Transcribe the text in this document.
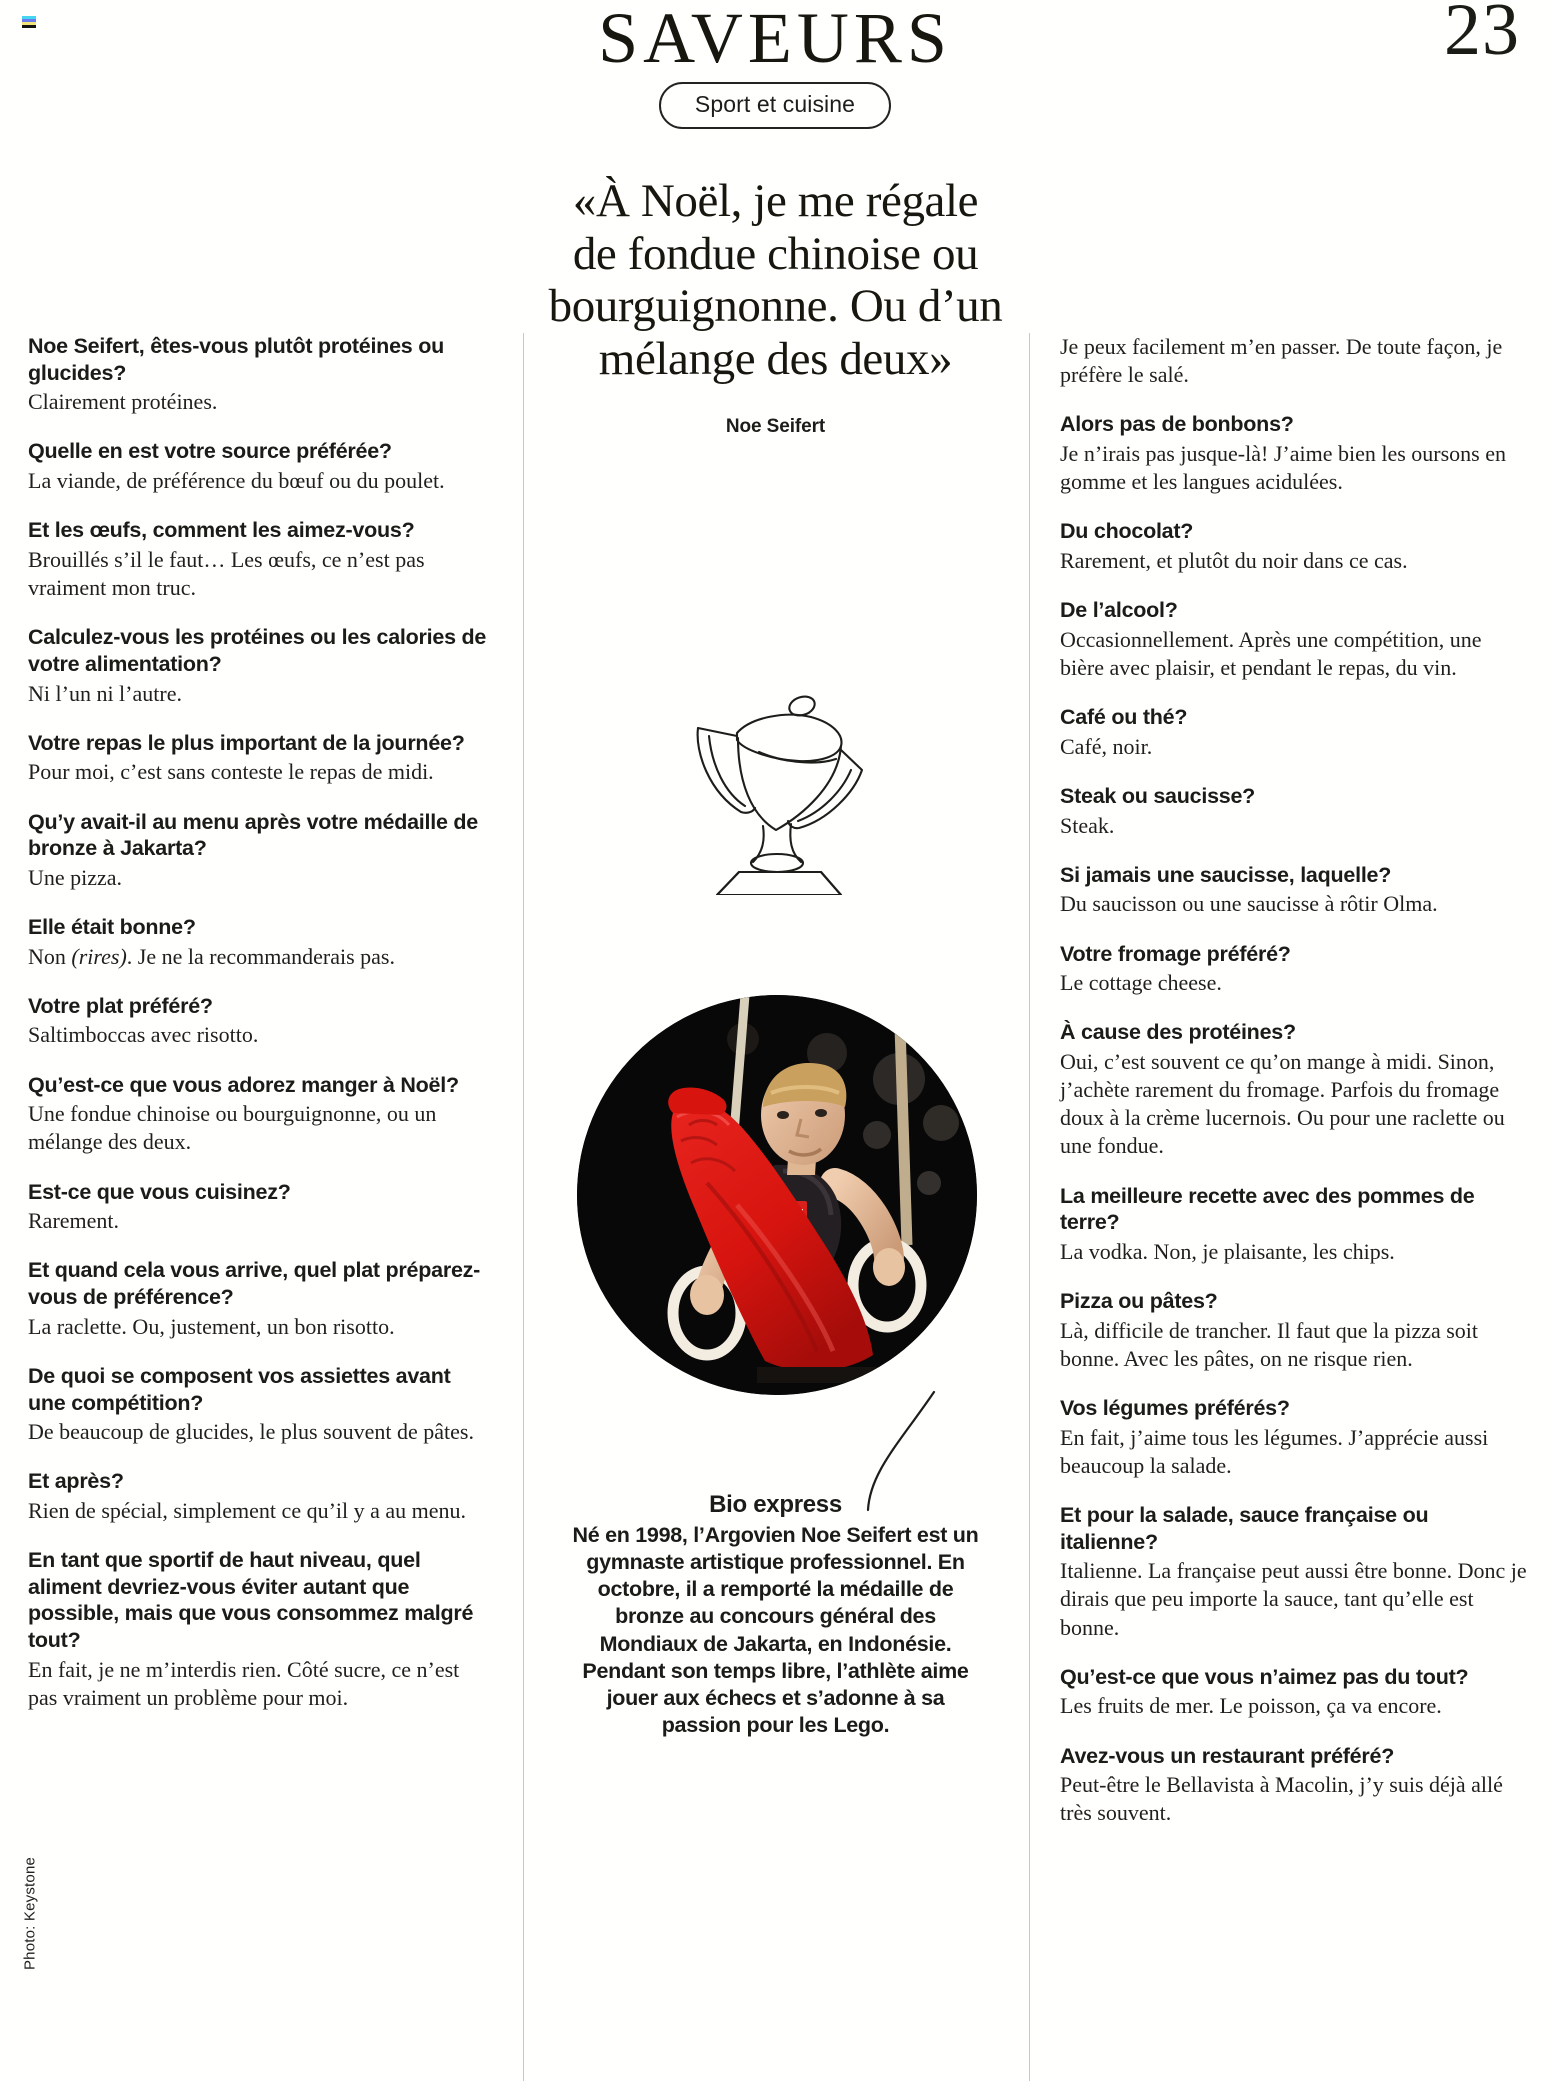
SAVEURS
Sport et cuisine
23

Noe Seifert, êtes-vous plutôt protéines ou glucides?

Clairement protéines.

Quelle en est votre source préférée?

La viande, de préférence du bœuf ou du poulet.

Et les œufs, comment les aimez-vous?

Brouillés s’il le faut… Les œufs, ce n’est pas vraiment mon truc.

Calculez-vous les protéines ou les calories de votre alimentation?

Ni l’un ni l’autre.

Votre repas le plus important de la journée?

Pour moi, c’est sans conteste le repas de midi.

Qu’y avait-il au menu après votre médaille de bronze à Jakarta?

Une pizza.

Elle était bonne?

Non (rires). Je ne la recommanderais pas.

Votre plat préféré?

Saltimboccas avec risotto.

Qu’est-ce que vous adorez manger à Noël?

Une fondue chinoise ou bourguignonne, ou un mélange des deux.

Est-ce que vous cuisinez?

Rarement.

Et quand cela vous arrive, quel plat préparez-vous de préférence?

La raclette. Ou, justement, un bon risotto.

De quoi se composent vos assiettes avant une compétition?

De beaucoup de glucides, le plus souvent de pâtes.

Et après?

Rien de spécial, simplement ce qu’il y a au menu.

En tant que sportif de haut niveau, quel aliment devriez-vous éviter autant que possible, mais que vous consommez malgré tout?

En fait, je ne m’interdis rien. Côté sucre, ce n’est pas vraiment un problème pour moi.

«À Noël, je me régale de fondue chinoise ou bourguignonne. Ou d’un mélange des deux»
Noe Seifert
Bio express
Né en 1998, l’Argovien Noe Seifert est un gymnaste artistique professionnel. En octobre, il a remporté la médaille de bronze au concours général des Mondiaux de Jakarta, en Indonésie. Pendant son temps libre, l’athlète aime jouer aux échecs et s’adonne à sa passion pour les Lego.

Je peux facilement m’en passer. De toute façon, je préfère le salé.

Alors pas de bonbons?

Je n’irais pas jusque-là! J’aime bien les oursons en gomme et les langues acidulées.

Du chocolat?

Rarement, et plutôt du noir dans ce cas.

De l’alcool?

Occasionnellement. Après une compétition, une bière avec plaisir, et pendant le repas, du vin.

Café ou thé?

Café, noir.

Steak ou saucisse?

Steak.

Si jamais une saucisse, laquelle?

Du saucisson ou une saucisse à rôtir Olma.

Votre fromage préféré?

Le cottage cheese.

À cause des protéines?

Oui, c’est souvent ce qu’on mange à midi. Sinon, j’achète rarement du fromage. Parfois du fromage doux à la crème lucernois. Ou pour une raclette ou une fondue.

La meilleure recette avec des pommes de terre?

La vodka. Non, je plaisante, les chips.

Pizza ou pâtes?

Là, difficile de trancher. Il faut que la pizza soit bonne. Avec les pâtes, on ne risque rien.

Vos légumes préférés?

En fait, j’aime tous les légumes. J’apprécie aussi beaucoup la salade.

Et pour la salade, sauce française ou italienne?

Italienne. La française peut aussi être bonne. Donc je dirais que peu importe la sauce, tant qu’elle est bonne.

Qu’est-ce que vous n’aimez pas du tout?

Les fruits de mer. Le poisson, ça va encore.

Avez-vous un restaurant préféré?

Peut-être le Bellavista à Macolin, j’y suis déjà allé très souvent.

Photo: Keystone
